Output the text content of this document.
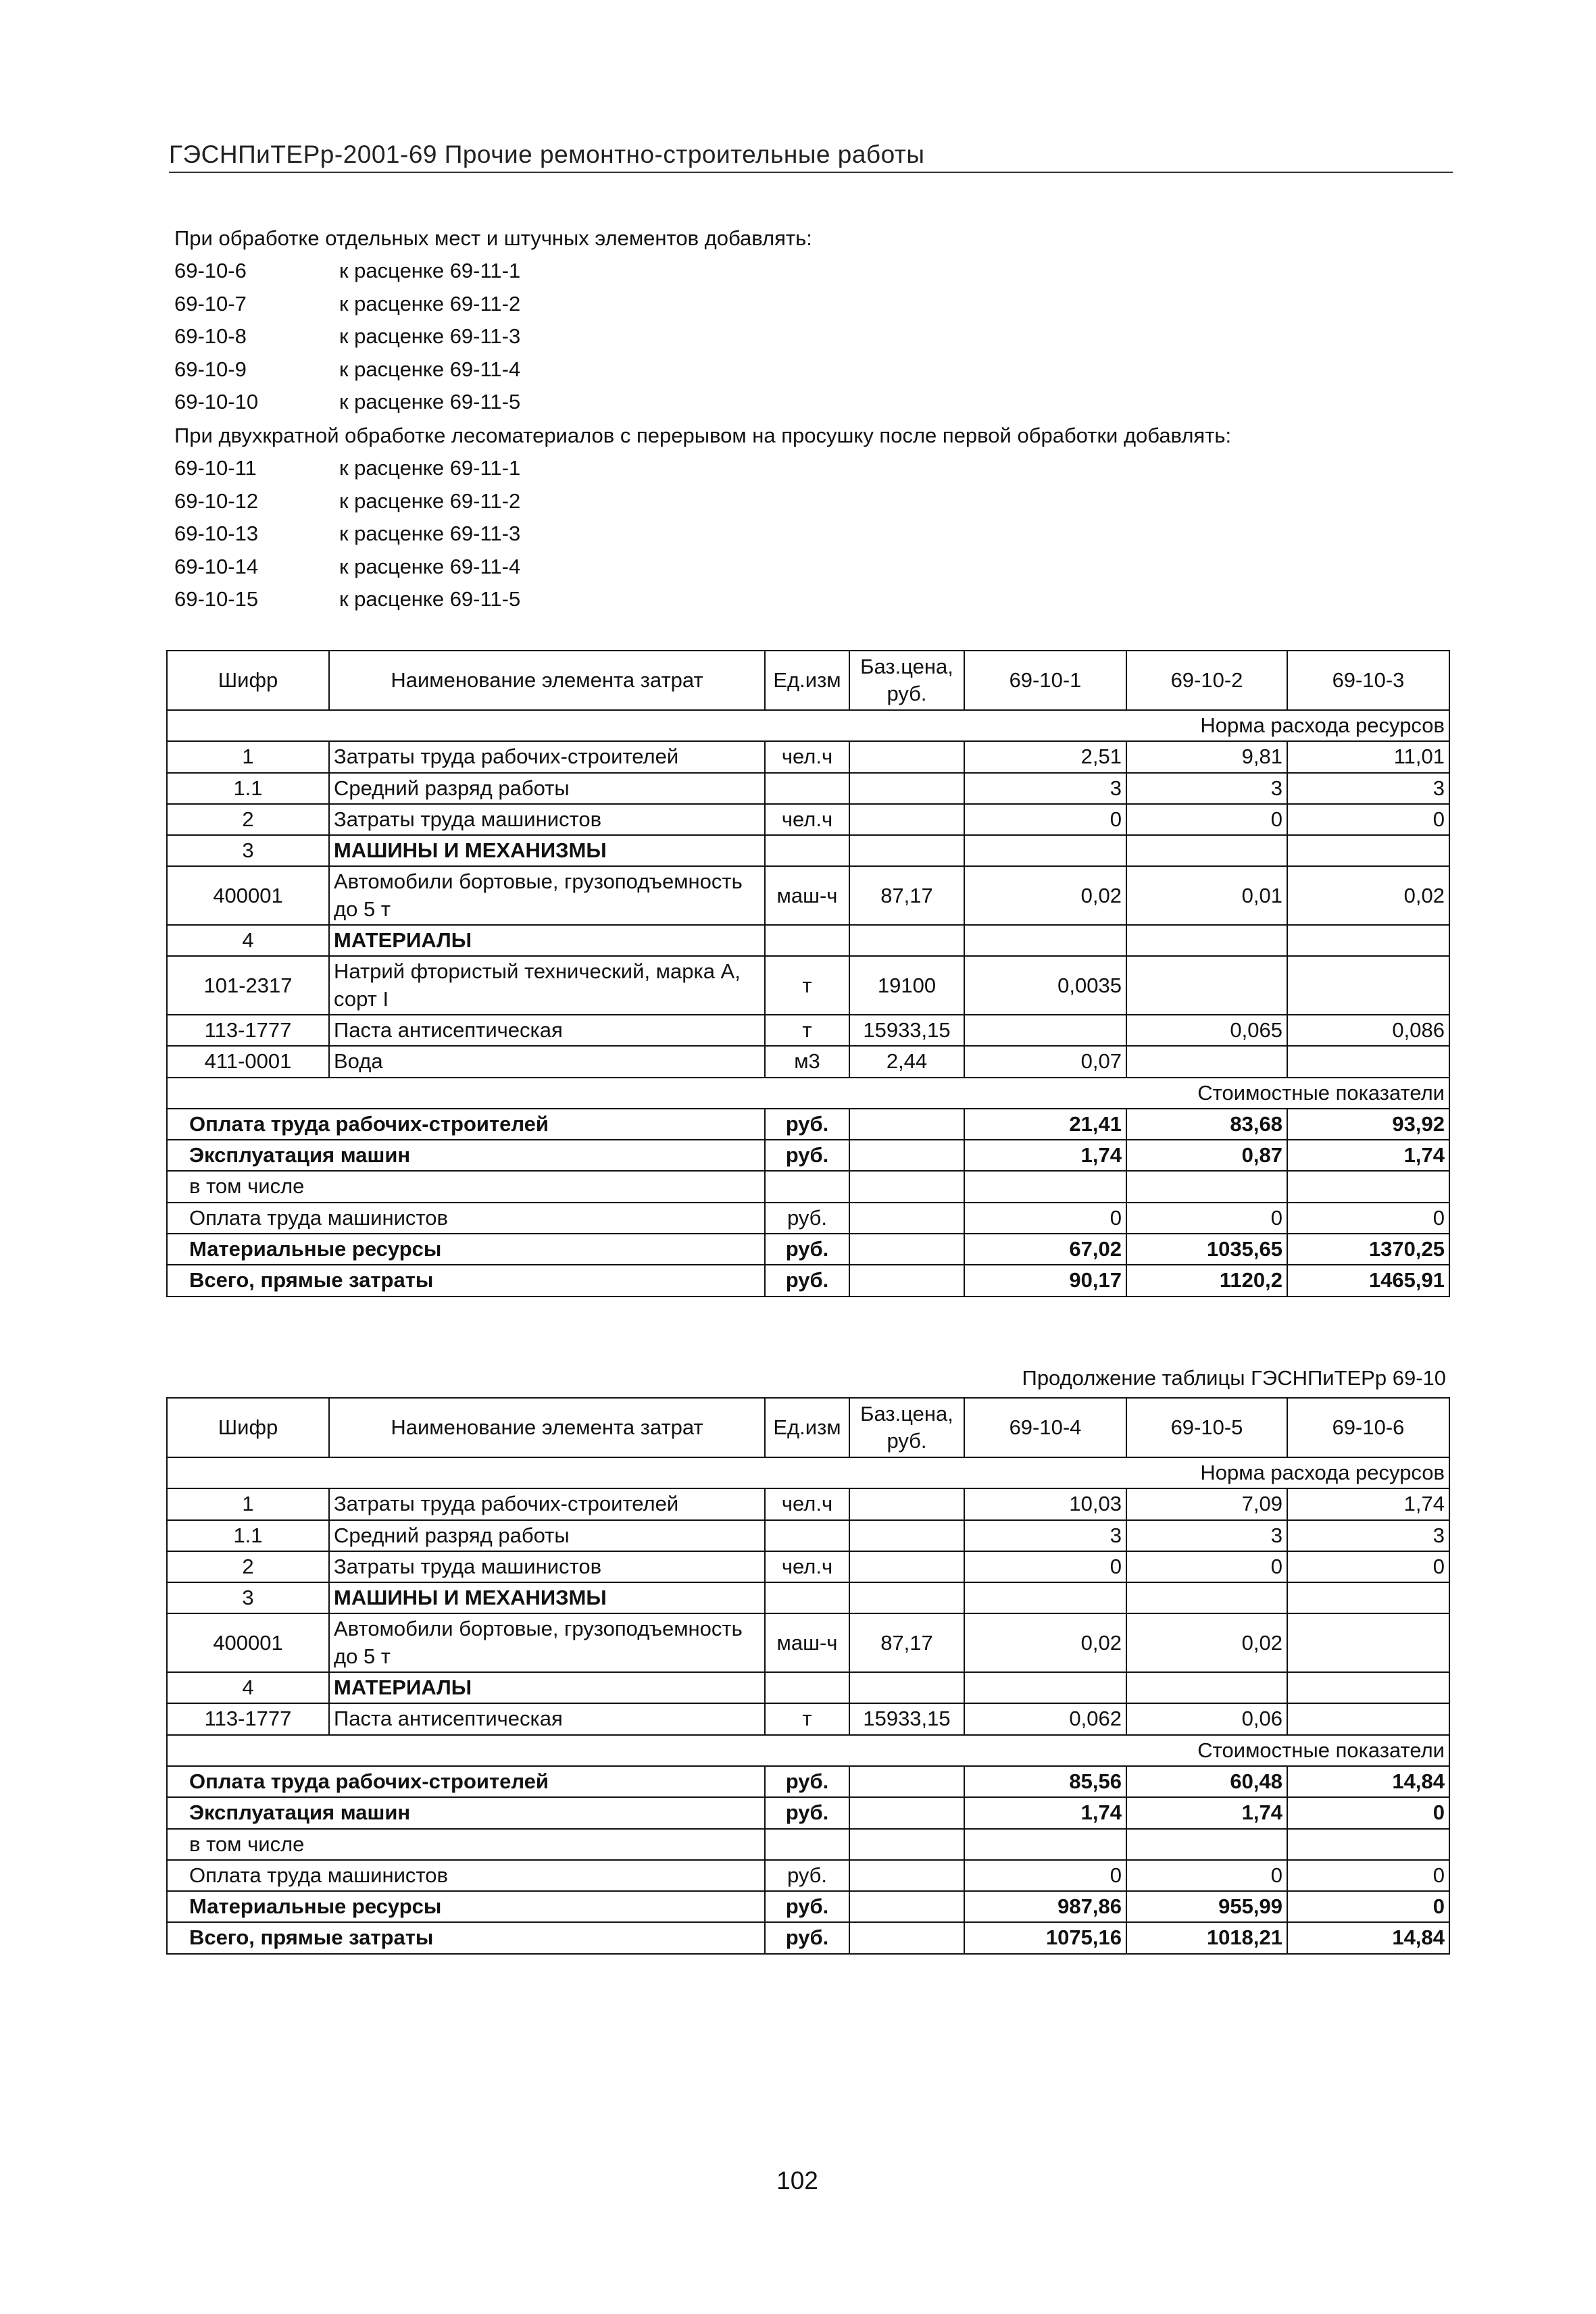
ГЭСНПиТЕРр-2001-69 Прочие ремонтно-строительные работы
При обработке отдельных мест и штучных элементов добавлять:
69-10-6	к расценке 69-11-1
69-10-7	к расценке 69-11-2
69-10-8	к расценке 69-11-3
69-10-9	к расценке 69-11-4
69-10-10	к расценке 69-11-5
При двухкратной обработке лесоматериалов с перерывом на просушку после первой обработки добавлять:
69-10-11	к расценке 69-11-1
69-10-12	к расценке 69-11-2
69-10-13	к расценке 69-11-3
69-10-14	к расценке 69-11-4
69-10-15	к расценке 69-11-5
Шифр	Наименование элемента затрат	Ед.изм	Баз.цена, руб.	69-10-1	69-10-2	69-10-3
Норма расхода ресурсов						
1	Затраты труда рабочих-строителей	чел.ч		2,51	9,81	11,01
1.1	Средний разряд работы			3	3	3
2	Затраты труда машинистов	чел.ч		0	0	0
3	МАШИНЫ И МЕХАНИЗМЫ					
400001	Автомобили бортовые, грузоподъемность до 5 т	маш-ч	87,17	0,02	0,01	0,02
4	МАТЕРИАЛЫ					
101-2317	Натрий фтористый технический, марка А, сорт I	т	19100	0,0035		
113-1777	Паста антисептическая	т	15933,15		0,065	0,086
411-0001	Вода	м3	2,44	0,07		
Стоимостные показатели						
Оплата труда рабочих-строителей		руб.		21,41	83,68	93,92
Эксплуатация машин		руб.		1,74	0,87	1,74
в том числе						
Оплата труда машинистов		руб.		0	0	0
Материальные ресурсы		руб.		67,02	1035,65	1370,25
Всего, прямые затраты		руб.		90,17	1120,2	1465,91
Продолжение таблицы ГЭСНПиТЕРр 69-10
Шифр	Наименование элемента затрат	Ед.изм	Баз.цена, руб.	69-10-4	69-10-5	69-10-6
Норма расхода ресурсов						
1	Затраты труда рабочих-строителей	чел.ч		10,03	7,09	1,74
1.1	Средний разряд работы			3	3	3
2	Затраты труда машинистов	чел.ч		0	0	0
3	МАШИНЫ И МЕХАНИЗМЫ					
400001	Автомобили бортовые, грузоподъемность до 5 т	маш-ч	87,17	0,02	0,02	
4	МАТЕРИАЛЫ					
113-1777	Паста антисептическая	т	15933,15	0,062	0,06	
Стоимостные показатели						
Оплата труда рабочих-строителей		руб.		85,56	60,48	14,84
Эксплуатация машин		руб.		1,74	1,74	0
в том числе						
Оплата труда машинистов		руб.		0	0	0
Материальные ресурсы		руб.		987,86	955,99	0
Всего, прямые затраты		руб.		1075,16	1018,21	14,84
102
